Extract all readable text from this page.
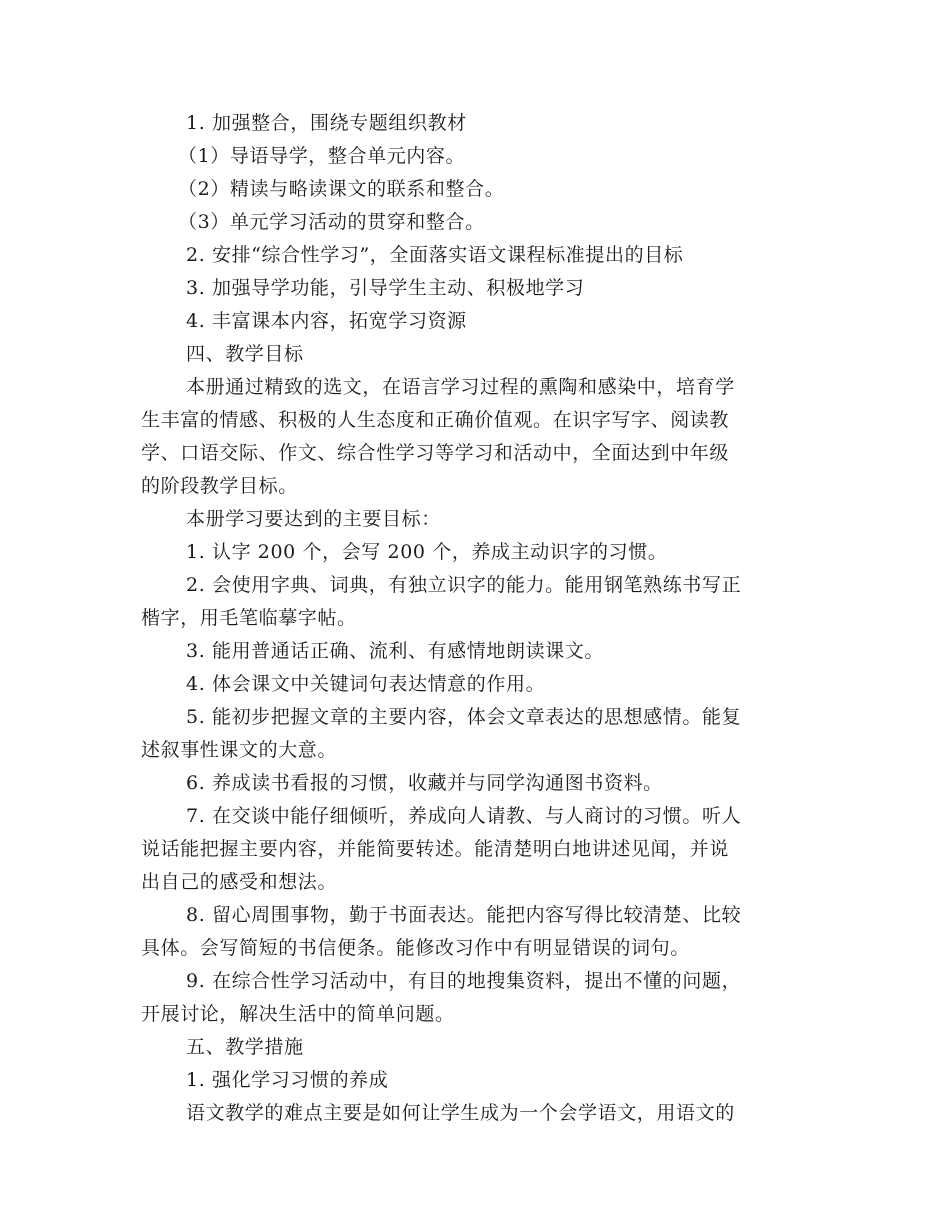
1. 加强整合，围绕专题组织教材
（1）导语导学，整合单元内容。
（2）精读与略读课文的联系和整合。
（3）单元学习活动的贯穿和整合。
2. 安排“综合性学习”，全面落实语文课程标准提出的目标
3. 加强导学功能，引导学生主动、积极地学习
4. 丰富课本内容，拓宽学习资源
四、教学目标
本册通过精致的选文，在语言学习过程的熏陶和感染中，培育学
生丰富的情感、积极的人生态度和正确价值观。在识字写字、阅读教
学、口语交际、作文、综合性学习等学习和活动中，全面达到中年级
的阶段教学目标。
本册学习要达到的主要目标：
1. 认字 200 个，会写 200 个，养成主动识字的习惯。
2. 会使用字典、词典，有独立识字的能力。能用钢笔熟练书写正
楷字，用毛笔临摹字帖。
3. 能用普通话正确、流利、有感情地朗读课文。
4. 体会课文中关键词句表达情意的作用。
5. 能初步把握文章的主要内容，体会文章表达的思想感情。能复
述叙事性课文的大意。
6. 养成读书看报的习惯，收藏并与同学沟通图书资料。
7. 在交谈中能仔细倾听，养成向人请教、与人商讨的习惯。听人
说话能把握主要内容，并能简要转述。能清楚明白地讲述见闻，并说
出自己的感受和想法。
8. 留心周围事物，勤于书面表达。能把内容写得比较清楚、比较
具体。会写简短的书信便条。能修改习作中有明显错误的词句。
9. 在综合性学习活动中，有目的地搜集资料，提出不懂的问题，
开展讨论，解决生活中的简单问题。
五、教学措施
1. 强化学习习惯的养成
语文教学的难点主要是如何让学生成为一个会学语文，用语文的
